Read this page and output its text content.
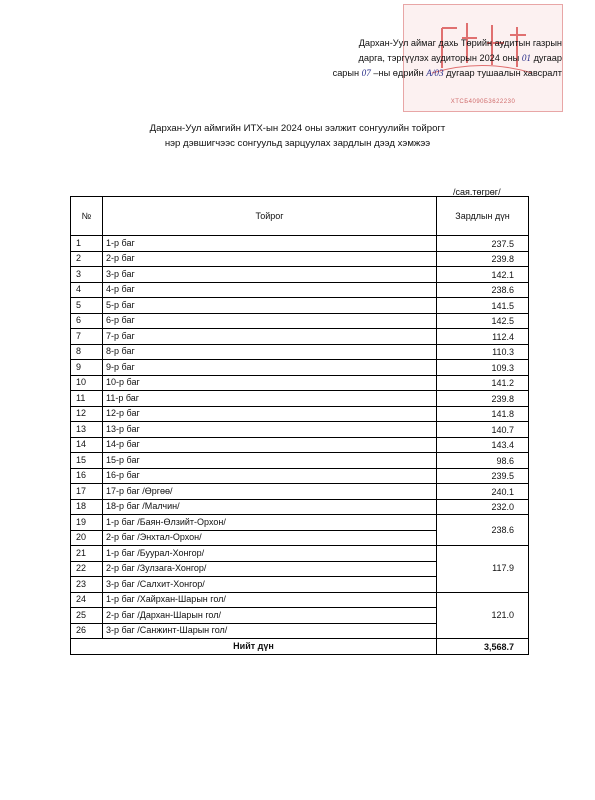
ХТСБ4090Б3622230
Дархан-Уул аймаг дахь Төрийн аудитын газрын
дарга, тэргүүлэх аудиторын 2024 оны 01 дугаар
сарын 07 –ны өдрийн А/03 дугаар тушаалын хавсралт
Дархан-Уул аймгийн ИТХ-ын 2024 оны ээлжит сонгуулийн тойрогт
нэр дэвшигчээс сонгуульд зарцуулах зардлын дээд хэмжээ
/сая.төгрөг/
№	Тойрог	Зардлын дүн
1	1-р баг	237.5
2	2-р баг	239.8
3	3-р баг	142.1
4	4-р баг	238.6
5	5-р баг	141.5
6	6-р баг	142.5
7	7-р баг	112.4
8	8-р баг	110.3
9	9-р баг	109.3
10	10-р баг	141.2
11	11-р баг	239.8
12	12-р баг	141.8
13	13-р баг	140.7
14	14-р баг	143.4
15	15-р баг	98.6
16	16-р баг	239.5
17	17-р баг /Өргөө/	240.1
18	18-р баг /Малчин/	232.0
19	1-р баг /Баян-Өлзийт-Орхон/	238.6
20	2-р баг /Энхтал-Орхон/	
21	1-р баг /Буурал-Хонгор/	117.9
22	2-р баг /Зулзага-Хонгор/	
23	3-р баг /Салхит-Хонгор/	
24	1-р баг /Хайрхан-Шарын гол/	121.0
25	2-р баг /Дархан-Шарын гол/	
26	3-р баг /Санжинт-Шарын гол/	
Нийт дүн		3,568.7
